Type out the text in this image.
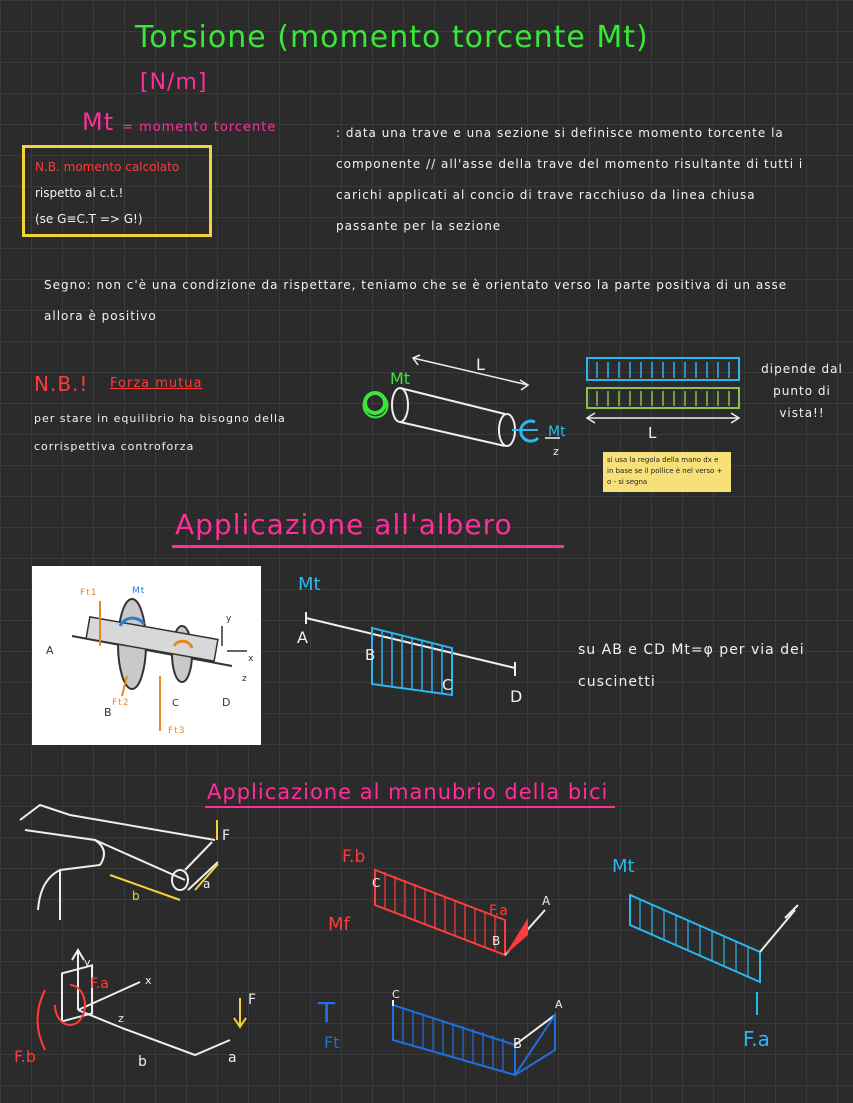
Torsione (momento torcente Mt)
[N/m]
Mt = momento torcente	: data una trave e una sezione si definisce momento torcente la componente // all'asse della trave del momento risultante di tutti i carichi applicati al concio di trave racchiuso da linea chiusa passante per la sezione
N.B. momento calcolato
rispetto al c.t.!
(se G≡C.T => G!)
Segno: non c'è una condizione da rispettare, teniamo che se è orientato verso la parte positiva di un asse allora è positivo
N.B.! Forza mutua
per stare in equilibrio ha bisogno della corrispettiva controforza
dipende dal punto di vista!!
si usa la regola della mano dx e in base se il pollice è nel verso + o - si segna
Mt
L
Mt
z
L
Mt
A
B
C
D
F
a
b
F.b
C
F.a
A
B
Mf
Mt
F.a
y
F.a	x
z
F.b	b	a
F T
Ft
C
B
A
Applicazione all'albero
Ft1	Mt
A
B
C	D
Ft2
Ft3
y
x
z
su AB e CD Mt=φ per via dei cuscinetti
Applicazione al manubrio della bici
